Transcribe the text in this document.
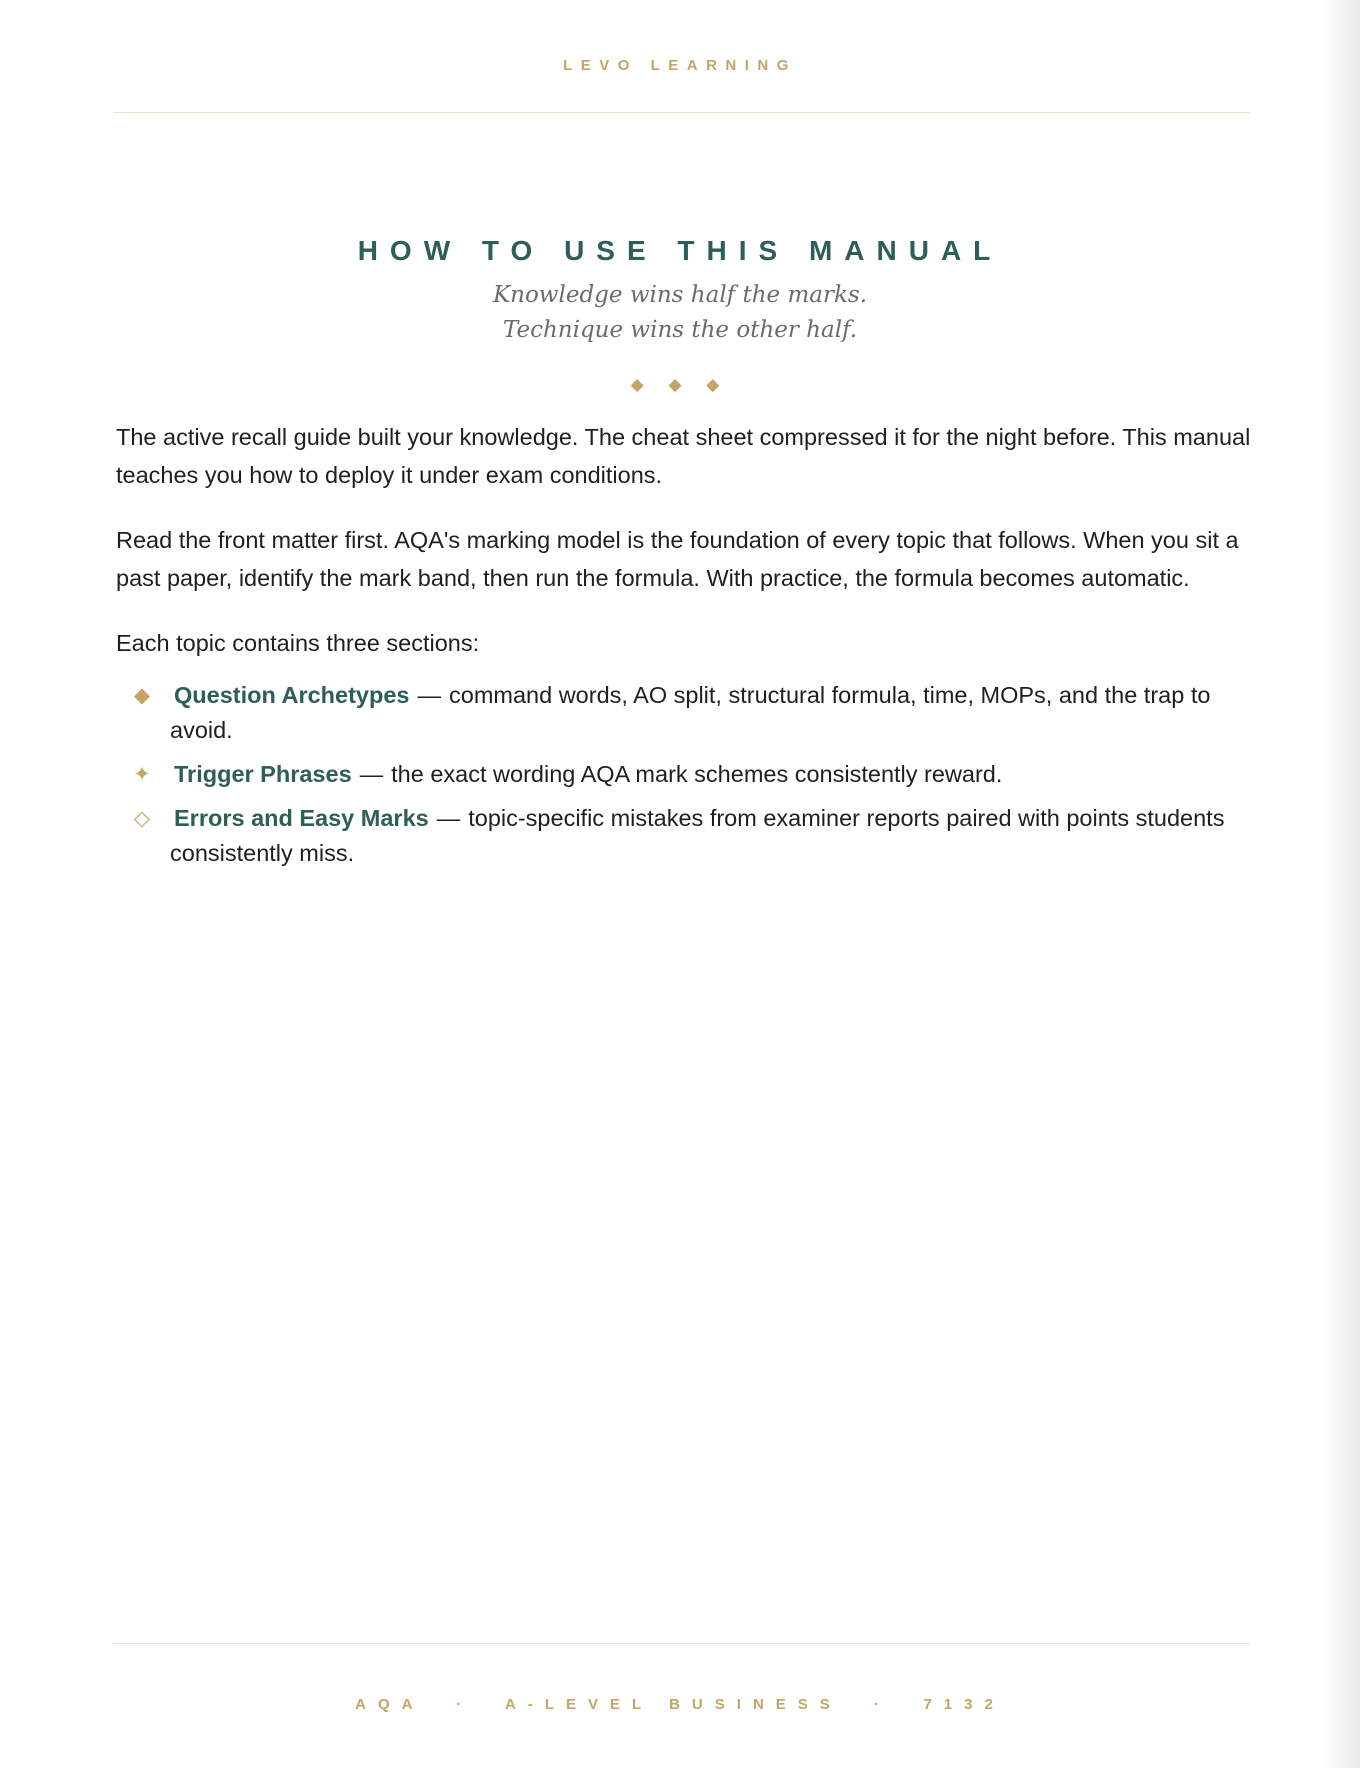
LEVO LEARNING
HOW TO USE THIS MANUAL
Knowledge wins half the marks.
Technique wins the other half.
◆ ◆ ◆

The active recall guide built your knowledge. The cheat sheet compressed it for the night before. This manual teaches you how to deploy it under exam conditions.

Read the front matter first. AQA's marking model is the foundation of every topic that follows. When you sit a past paper, identify the mark band, then run the formula. With practice, the formula becomes automatic.

Each topic contains three sections:

◆ Question Archetypes — command words, AO split, structural formula, time, MOPs, and the trap to avoid.
✦ Trigger Phrases — the exact wording AQA mark schemes consistently reward.
◇ Errors and Easy Marks — topic-specific mistakes from examiner reports paired with points students consistently miss.
AQA  ·  A-LEVEL BUSINESS  ·  7132
